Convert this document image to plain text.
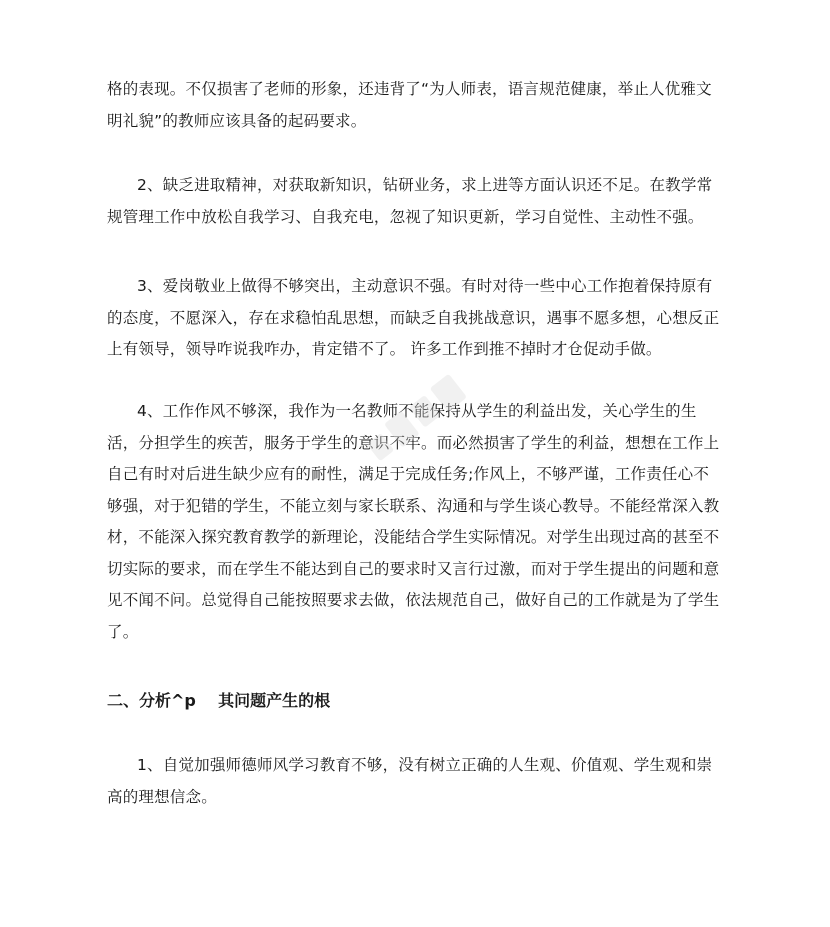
格的表现。不仅损害了老师的形象，还违背了“为人师表，语言规范健康，举止人优雅文
明礼貌”的教师应该具备的起码要求。
2、缺乏进取精神，对获取新知识，钻研业务，求上进等方面认识还不足。在教学常
规管理工作中放松自我学习、自我充电，忽视了知识更新，学习自觉性、主动性不强。
3、爱岗敬业上做得不够突出，主动意识不强。有时对待一些中心工作抱着保持原有
的态度，不愿深入，存在求稳怕乱思想，而缺乏自我挑战意识，遇事不愿多想，心想反正
上有领导，领导咋说我咋办，肯定错不了。 许多工作到推不掉时才仓促动手做。
4、工作作风不够深，我作为一名教师不能保持从学生的利益出发，关心学生的生
活，分担学生的疾苦，服务于学生的意识不牢。而必然损害了学生的利益，想想在工作上
自己有时对后进生缺少应有的耐性，满足于完成任务;作风上，不够严谨，工作责任心不
够强，对于犯错的学生，不能立刻与家长联系、沟通和与学生谈心教导。不能经常深入教
材，不能深入探究教育教学的新理论，没能结合学生实际情况。对学生出现过高的甚至不
切实际的要求，而在学生不能达到自己的要求时又言行过激，而对于学生提出的问题和意
见不闻不问。总觉得自己能按照要求去做，依法规范自己，做好自己的工作就是为了学生
了。
二、分析^p    其问题产生的根
1、自觉加强师德师风学习教育不够，没有树立正确的人生观、价值观、学生观和崇
高的理想信念。
